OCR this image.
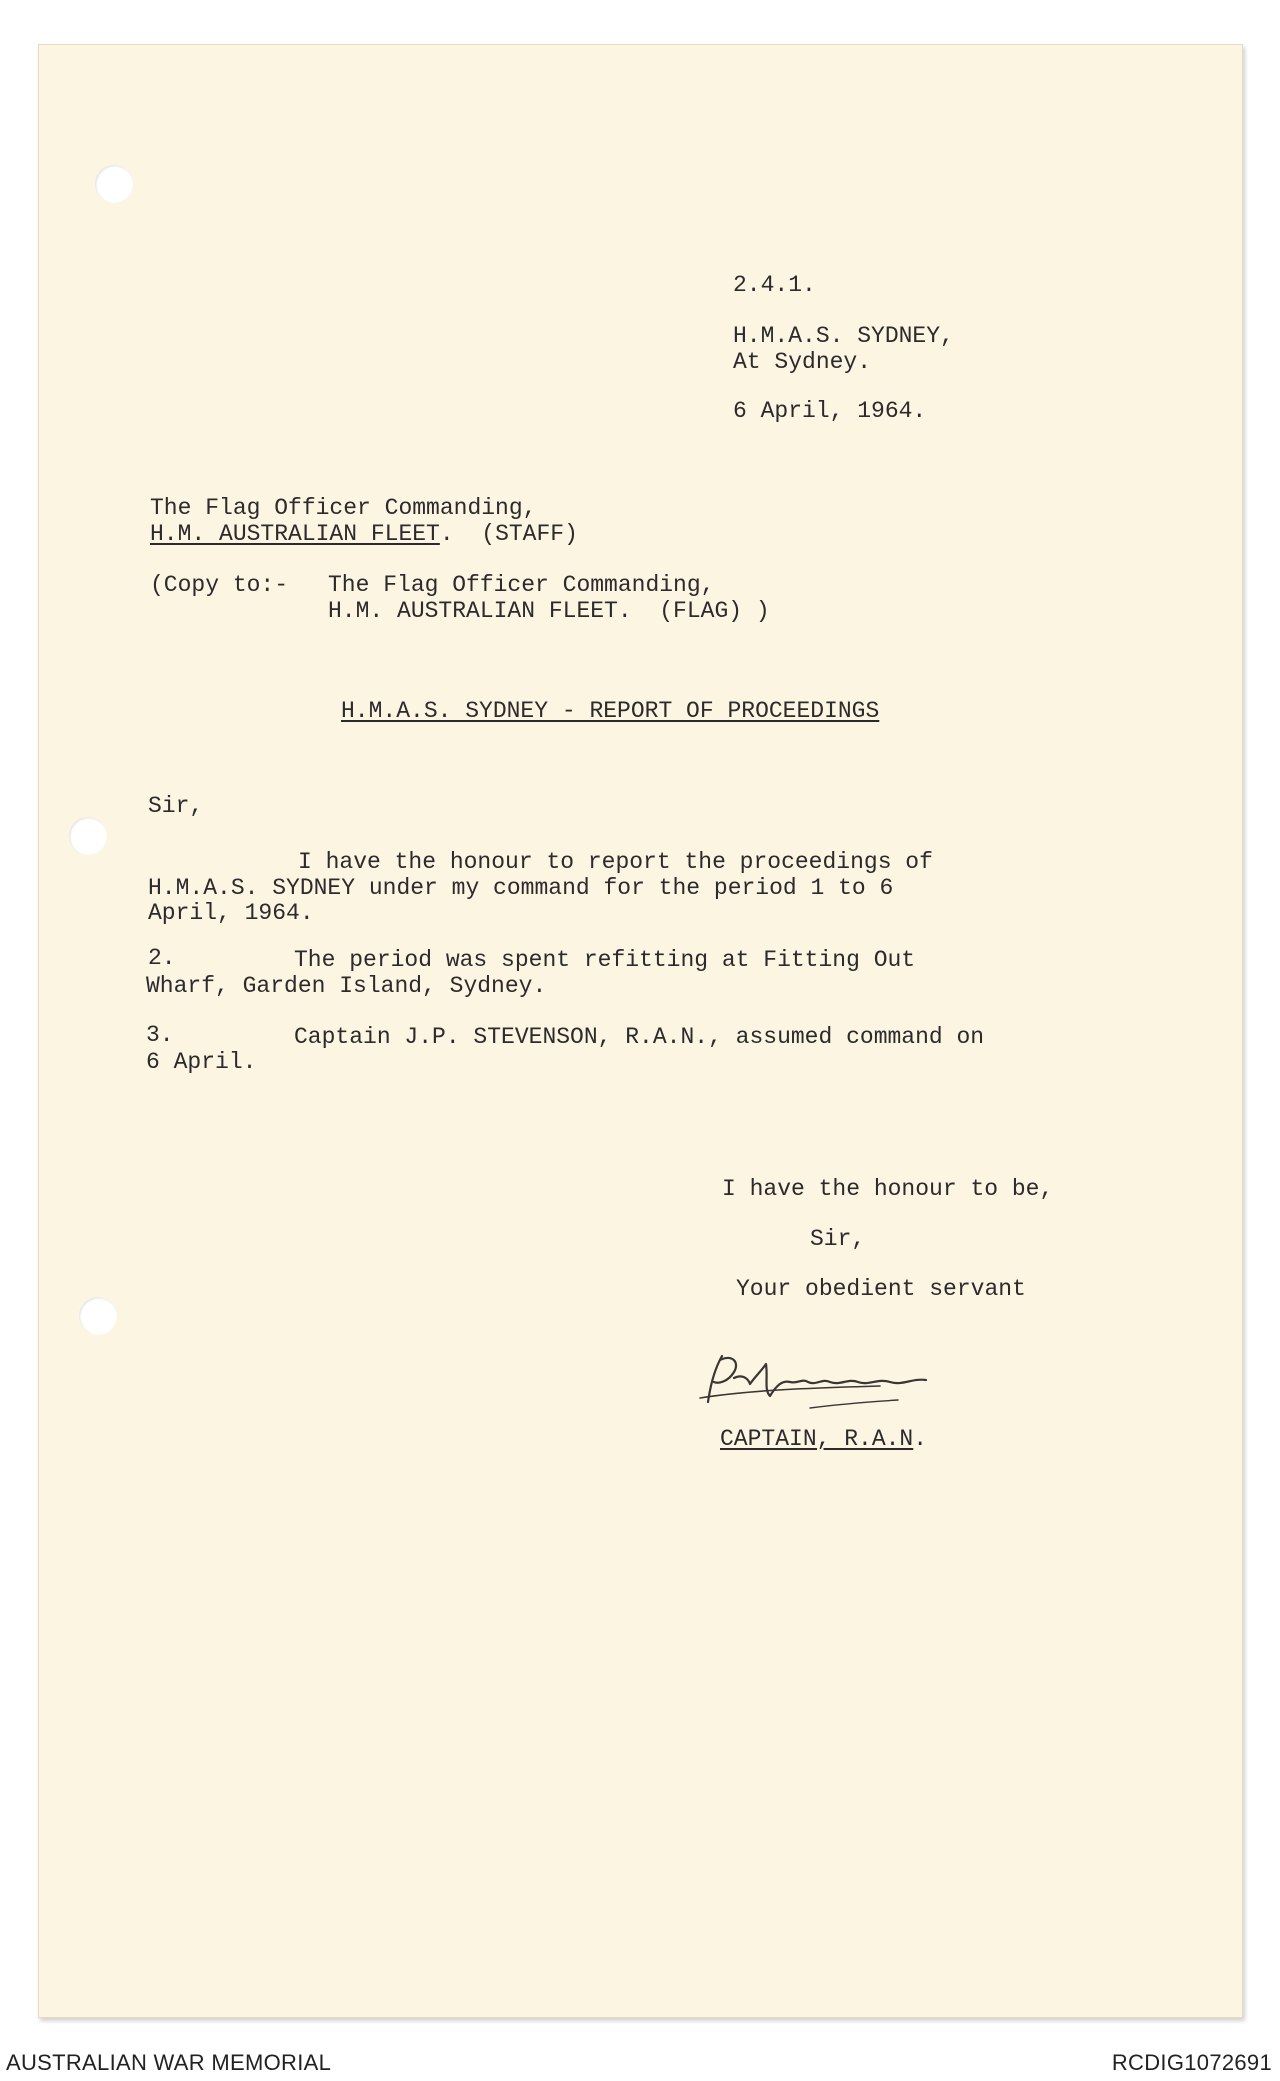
2.4.1.

H.M.A.S. SYDNEY,

At Sydney.

6 April, 1964.

The Flag Officer Commanding,

H.M. AUSTRALIAN FLEET.  (STAFF)

(Copy to:- The Flag Officer Commanding,

H.M. AUSTRALIAN FLEET.  (FLAG) )

H.M.A.S. SYDNEY - REPORT OF PROCEEDINGS

Sir,

I have the honour to report the proceedings of

H.M.A.S. SYDNEY under my command for the period 1 to 6

April, 1964.

2.	The period was spent refitting at Fitting Out

Wharf, Garden Island, Sydney.

3.	Captain J.P. STEVENSON, R.A.N., assumed command on

6 April.

I have the honour to be,

Sir,

Your obedient servant

CAPTAIN, R.A.N.

AUSTRALIAN WAR MEMORIAL	RCDIG1072691
